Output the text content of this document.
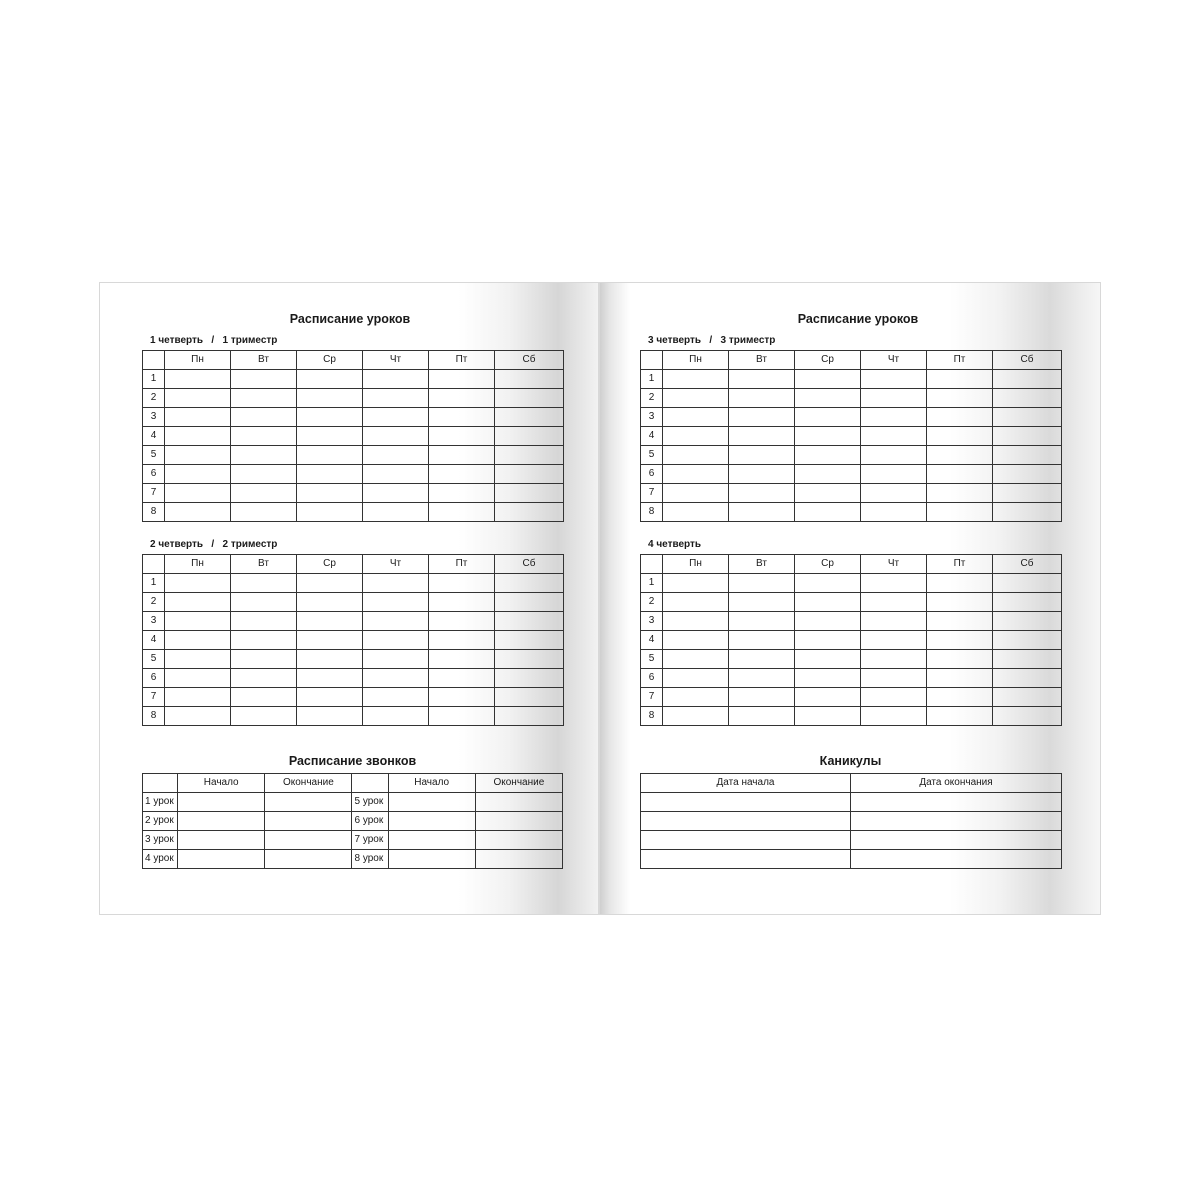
Расписание уроков
1 четверть   /   1 триместр
	Пн	Вт	Ср	Чт	Пт	Сб
1						
2						
3						
4						
5						
6						
7						
8						
2 четверть   /   2 триместр
	Пн	Вт	Ср	Чт	Пт	Сб
1						
2						
3						
4						
5						
6						
7						
8						
Расписание звонков
	Начало	Окончание		Начало	Окончание
1 урок			5 урок		
2 урок			6 урок		
3 урок			7 урок		
4 урок			8 урок		
Расписание уроков
3 четверть   /   3 триместр
	Пн	Вт	Ср	Чт	Пт	Сб
1						
2						
3						
4						
5						
6						
7						
8						
4 четверть
	Пн	Вт	Ср	Чт	Пт	Сб
1						
2						
3						
4						
5						
6						
7						
8						
Каникулы
Дата начала	Дата окончания
